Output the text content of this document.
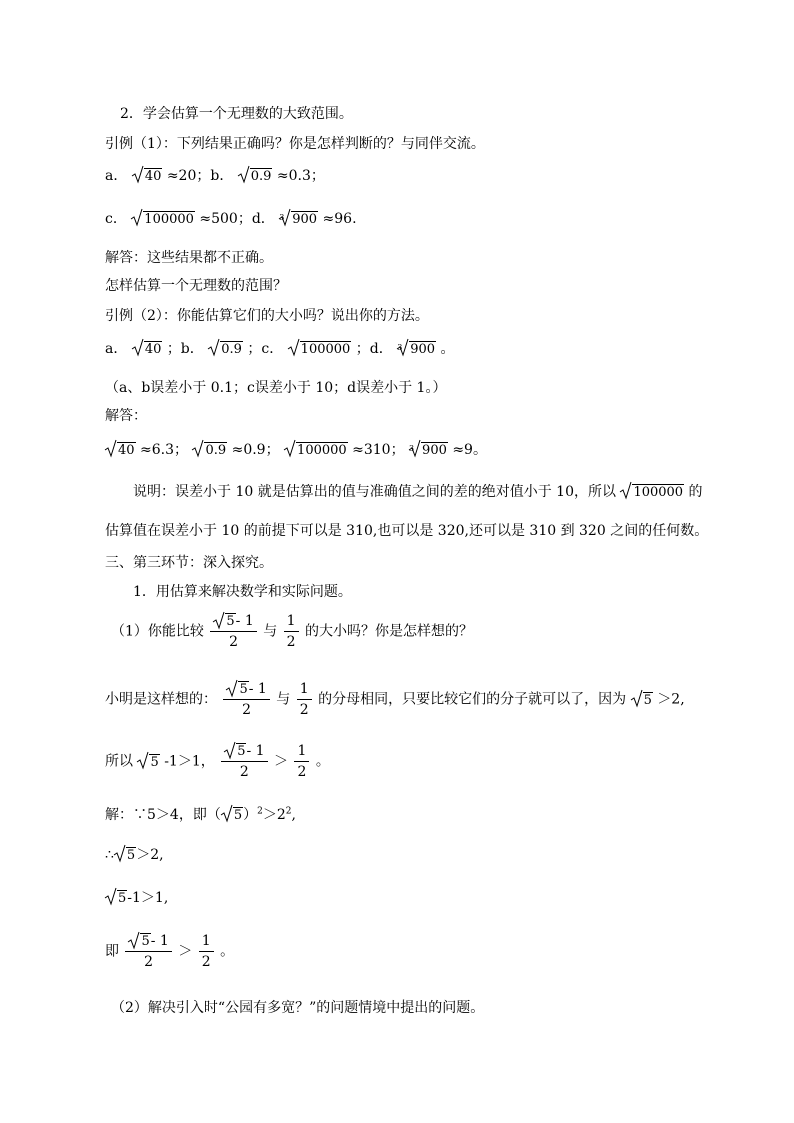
2．学会估算一个无理数的大致范围。
引例（1）：下列结果正确吗？你是怎样判断的？与同伴交流。
a． 40 ≈20；b． 0.9 ≈0.3；
c． 100000 ≈500；d． 3 900 ≈96.
解答：这些结果都不正确。
怎样估算一个无理数的范围？
引例（2）：你能估算它们的大小吗？说出你的方法。
a． 40 ；b． 0.9 ；c． 100000 ；d． 3 900 。
（a、b误差小于 0.1；c误差小于 10；d误差小于 1。）
解答：
40 ≈6.3； 0.9 ≈0.9； 100000 ≈310； 3 900 ≈9。
说明：误差小于 10 就是估算出的值与准确值之间的差的绝对值小于 10，所以 100000 的
估算值在误差小于 10 的前提下可以是 310,也可以是 320,还可以是 310 到 320 之间的任何数。
三、第三环节：深入探究。
1．用估算来解决数学和实际问题。
（1）你能比较 $\frac{5- 1}{2}$ 与 $\frac{1}{2}$ 的大小吗？你是怎样想的？
小明是这样想的： $\frac{5- 1}{2}$ 与 $\frac{1}{2}$ 的分母相同，只要比较它们的分子就可以了，因为 5 ＞2,
所以 5 -1＞1， $\frac{5- 1}{2} > \frac{1}{2}$ 。
解：∵5＞4，即（ $5)^2>2^2$,
∴ 5＞2,
5-1＞1,
即 $\frac{5- 1}{2} > \frac{1}{2}$ 。
（2）解决引入时“公园有多宽？”的问题情境中提出的问题。
